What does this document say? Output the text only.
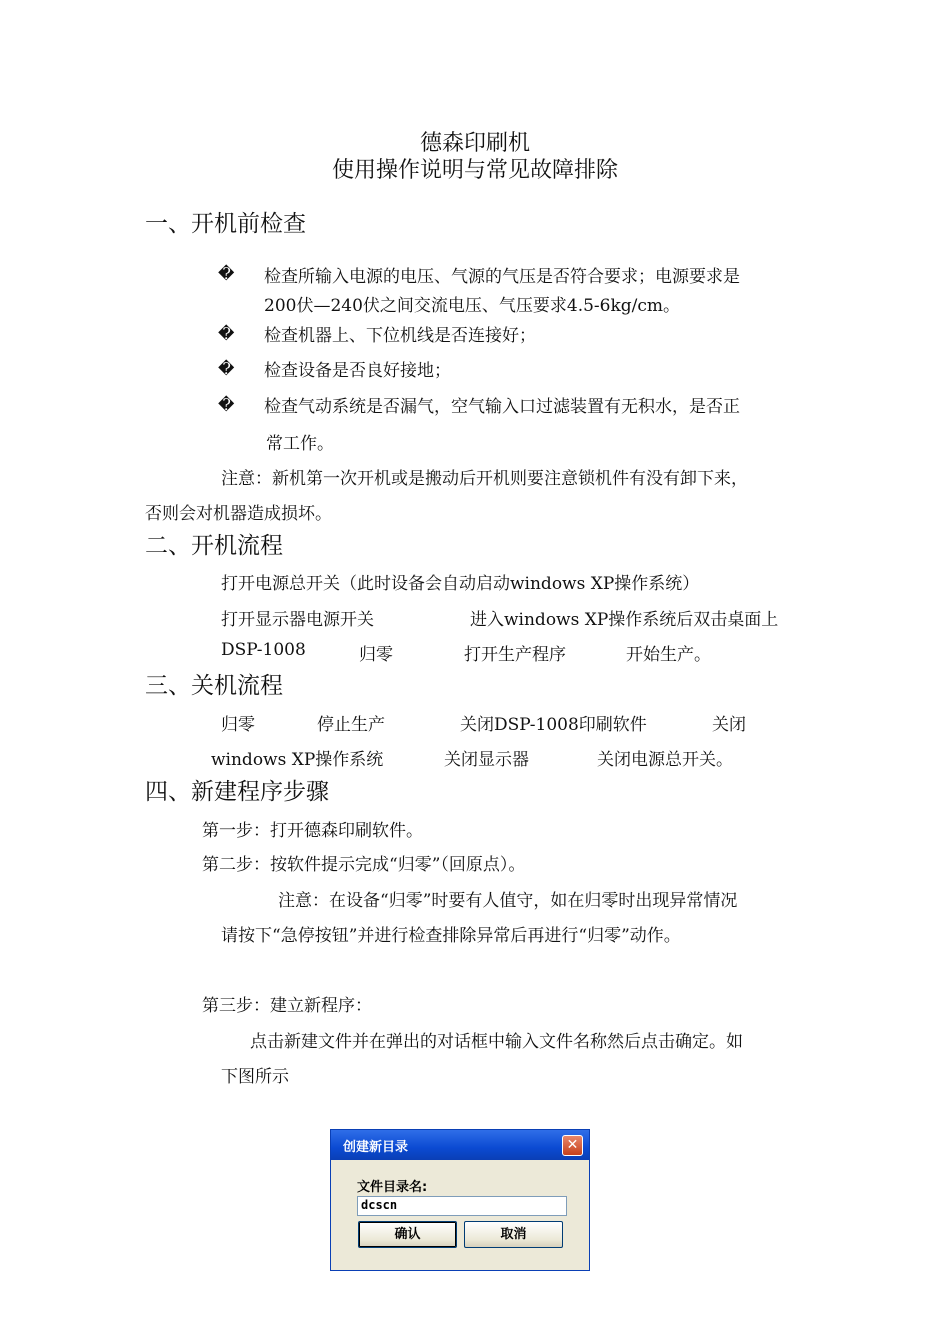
德森印刷机
使用操作说明与常见故障排除
一、开机前检查
� 检查所输入电源的电压、气源的气压是否符合要求；电源要求是
200伏—240伏之间交流电压、气压要求4.5-6kg/cm。
� 检查机器上、下位机线是否连接好；
� 检查设备是否良好接地；
� 检查气动系统是否漏气，空气输入口过滤装置有无积水，是否正
常工作。
注意：新机第一次开机或是搬动后开机则要注意锁机件有没有卸下来，
否则会对机器造成损坏。
二、开机流程
打开电源总开关（此时设备会自动启动windows XP操作系统）
打开显示器电源开关	进入windows XP操作系统后双击桌面上
DSP-1008	归零	打开生产程序	开始生产。
三、关机流程
归零	停止生产	关闭DSP-1008印刷软件	关闭
windows XP操作系统	关闭显示器	关闭电源总开关。
四、新建程序步骤
第一步：打开德森印刷软件。
第二步：按软件提示完成“归零”（回原点）。
注意：在设备“归零”时要有人值守，如在归零时出现异常情况
请按下“急停按钮”并进行检查排除异常后再进行“归零”动作。
第三步：建立新程序：
点击新建文件并在弹出的对话框中输入文件名称然后点击确定。如
下图所示
创建新目录	✕
文件目录名:
dcscn
确认	取消
